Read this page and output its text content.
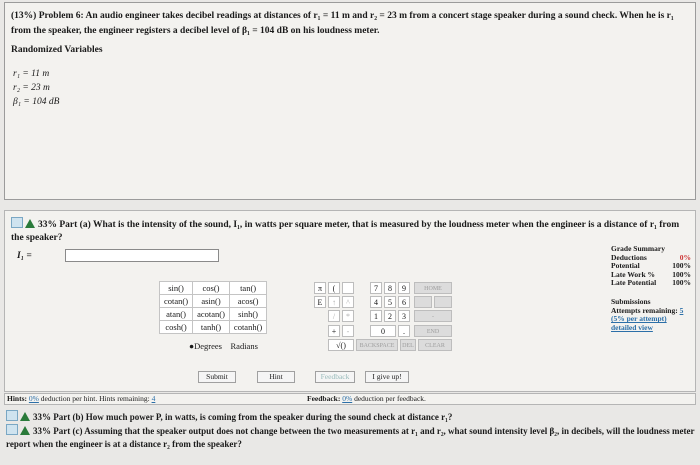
(13%) Problem 6: An audio engineer takes decibel readings at distances of r₁ = 11 m and r₂ = 23 m from a concert stage speaker during a sound check. When he is r₁ from the speaker, the engineer registers a decibel level of β₁ = 104 dB on his loudness meter.
Randomized Variables
r₁ = 11 m
r₂ = 23 m
β₁ = 104 dB
33% Part (a) What is the intensity of the sound, I₁, in watts per square meter, that is measured by the loudness meter when the engineer is a distance of r₁ from the speaker?
I₁ =
Grade Summary
Deductions	0%
Potential	100%
Late Work % 100%
Late Potential 100%
Submissions
Attempts remaining: 5
(5% per attempt)
detailed view
sin()	cos()	tan()
cotan()	asin()	acos()
atan()	acotan()	sinh()
cosh()	tanh()	cotanh()
●Degrees Radians
π	(	7	8	9	HOME
E	↑	^	4	5	6
/	*	1	2	3	-
+	-	0	.	END
√()	BACKSPACE	DEL	CLEAR
Submit	Hint	Feedback	I give up!
Hints: 0% deduction per hint. Hints remaining: 4	Feedback: 0% deduction per feedback.
33% Part (b) How much power P, in watts, is coming from the speaker during the sound check at distance r₁?
33% Part (c) Assuming that the speaker output does not change between the two measurements at r₁ and r₂, what sound intensity level β₂, in decibels, will the loudness meter report when the engineer is at a distance r₂ from the speaker?
